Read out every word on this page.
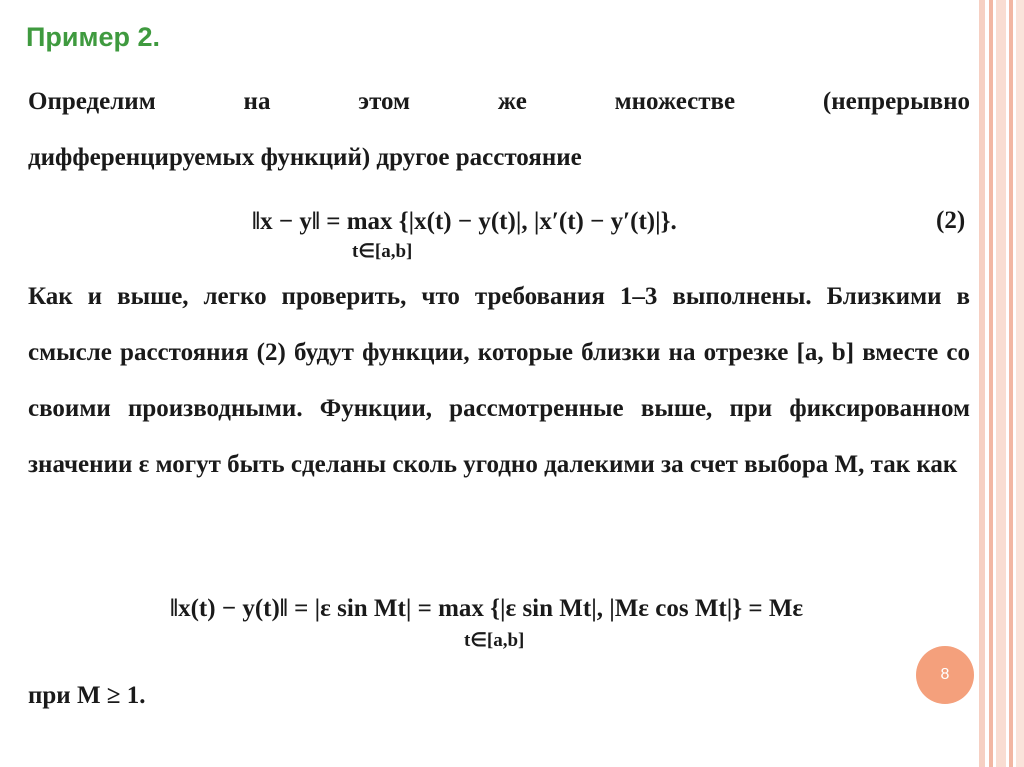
Пример 2.

Определим на этом же множестве (непрерывно
дифференцируемых функций) другое расстояние

‖x − y‖ = max {|x(t) − y(t)|, |x′(t) − y′(t)|}.
t∈[a,b]
(2)

Как и выше, легко проверить, что требования 1–3 выполнены. Близкими в смысле расстояния (2) будут функции, которые близки на отрезке [a, b] вместе со своими производными. Функции, рассмотренные выше, при фиксированном значении ε могут быть сделаны сколь угодно далекими за счет выбора M, так как

‖x(t) − y(t)‖ = |ε sin Mt| = max {|ε sin Mt|, |Mε cos Mt|} = Mε
t∈[a,b]

при M ≥ 1.

8
